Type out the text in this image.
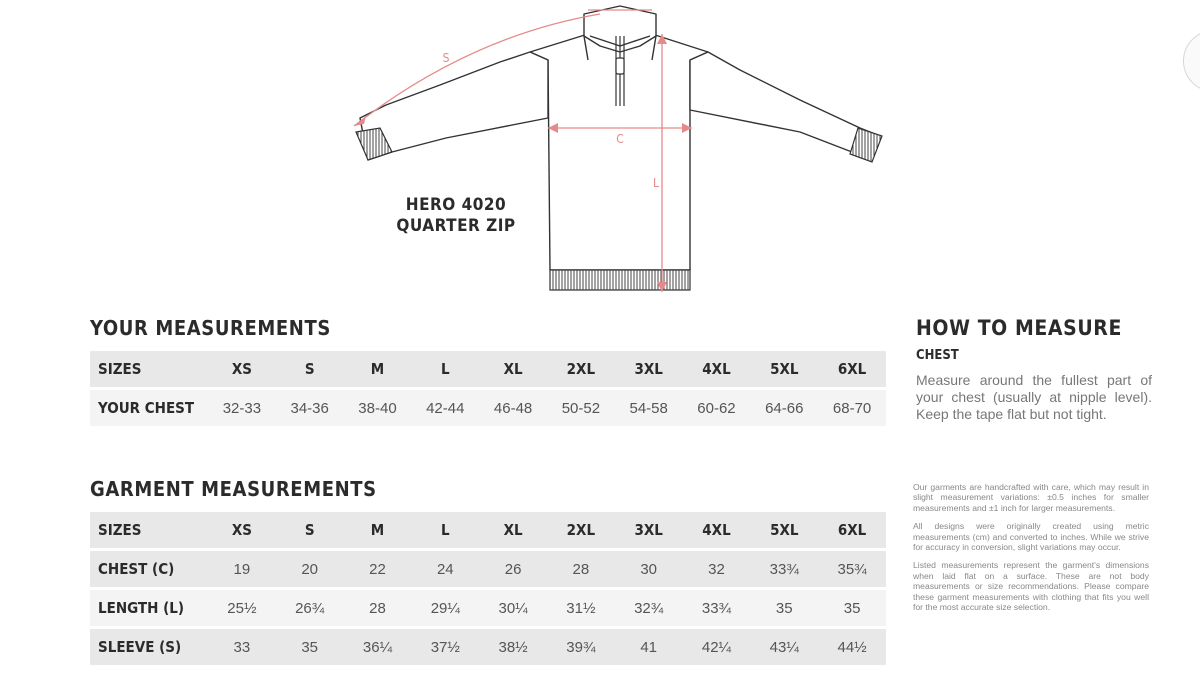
S
C
L
HERO 4020
QUARTER ZIP
YOUR MEASUREMENTS
SIZES	XS	S	M	L	XL	2XL	3XL	4XL	5XL	6XL
YOUR CHEST	32-33	34-36	38-40	42-44	46-48	50-52	54-58	60-62	64-66	68-70
GARMENT MEASUREMENTS
SIZES	XS	S	M	L	XL	2XL	3XL	4XL	5XL	6XL
CHEST (C)	19	20	22	24	26	28	30	32	33¾	35¾
LENGTH (L)	25½	26¾	28	29¼	30¼	31½	32¾	33¾	35	35
SLEEVE (S)	33	35	36¼	37½	38½	39¾	41	42¼	43¼	44½
HOW TO MEASURE
CHEST
Measure around the fullest part of your chest (usually at nipple level). Keep the tape flat but not tight.

Our garments are handcrafted with care, which may result in slight measurement variations: ±0.5 inches for smaller measurements and ±1 inch for larger measurements.

All designs were originally created using metric measurements (cm) and converted to inches. While we strive for accuracy in conversion, slight variations may occur.

Listed measurements represent the garment's dimensions when laid flat on a surface. These are not body measurements or size recommendations. Please compare these garment measurements with clothing that fits you well for the most accurate size selection.
